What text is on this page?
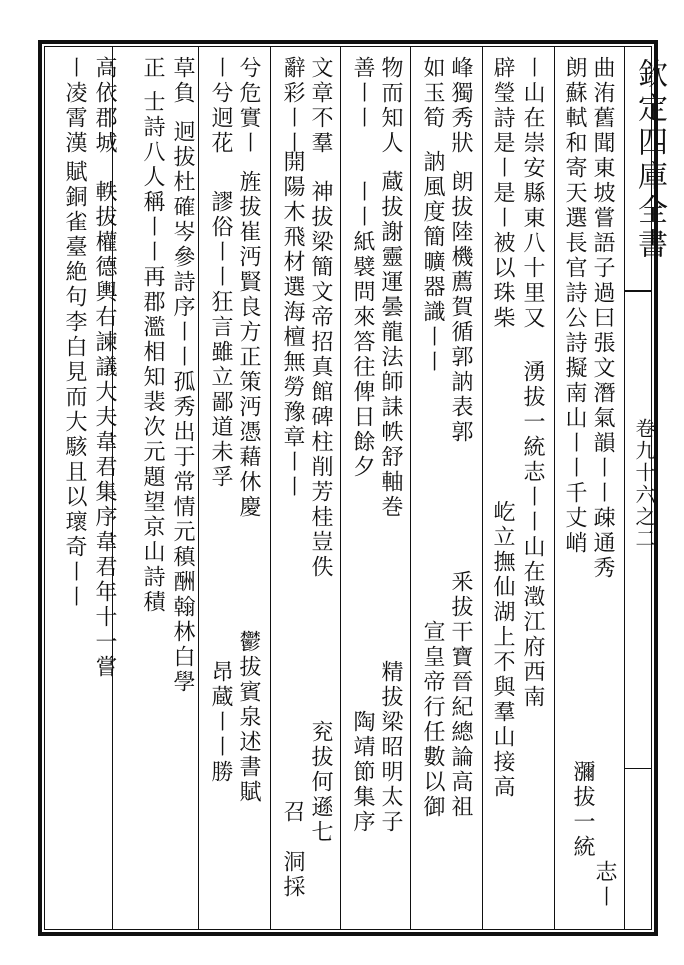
欽定四庫全書
卷九十六之二
曲洧舊聞東坡嘗語子過曰張文潛氣韻〡〡疎通秀
朗蘇軾和寄天選長官詩公詩擬南山〡〡千丈峭
瀰拔一統
志〡
〡山在崇安縣東八十里又
辟瑩詩是〡是〡被以珠柴
湧拔一統志〡〡山在澂江府西南
屹立撫仙湖上不與羣山接高
峰獨秀狀
如玉筍
朗拔陸機薦賀循郭訥表郭
訥風度簡曠器識〡〡
釆拔干寶晉紀總論高祖
宣皇帝行任數以御
物而知人
善〡〡
蔵拔謝靈運曇龍法師誄帙舒軸巻
〡〡紙襞問來答往俾日餘夕
精拔梁昭明太子
陶靖節集序
文章不羣
辭彩〡〡
神拔梁簡文帝招真館碑柱削芳桂豈佚
開陽木飛材選海檀無勞豫章〡〡
兖拔何遜七
召　洞採
兮危實〡
〡兮迥花
旌拔崔沔賢良方正策沔憑藉休慶
謬俗〡〡狂言雖立鄙道未孚
鬱拔賓泉述書賦
昂蔵〡〡勝
草負
正
迥拔杜確岑參詩序〡〡孤秀出于常情元稹酬翰林白學
士詩八人稱〡〡再郡濫相知裴次元題望京山詩積
高依郡城
〡凌霄漢
軼拔權德輿右諫議大夫韋君集序韋君年十一嘗
賦銅雀臺絶句李白見而大駭且以瓌奇〡〡
